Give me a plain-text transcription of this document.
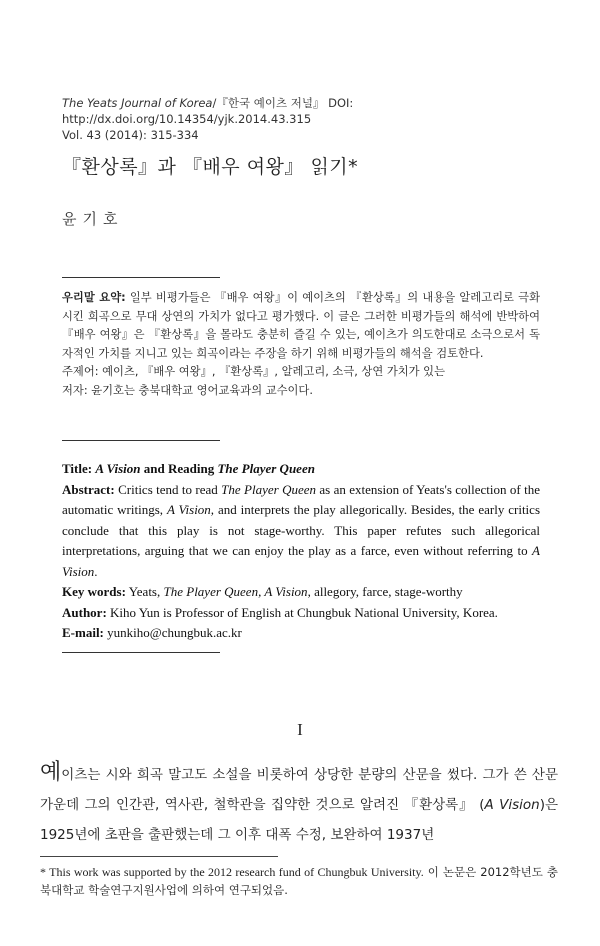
The Yeats Journal of Korea/『한국 예이츠 저널』 DOI: http://dx.doi.org/10.14354/yjk.2014.43.315
Vol. 43 (2014): 315-334
『환상록』과 『배우 여왕』 읽기*
윤기호

우리말 요약: 일부 비평가들은 『배우 여왕』이 예이츠의 『환상록』의 내용을 알레고리로 극화시킨 희곡으로 무대 상연의 가치가 없다고 평가했다. 이 글은 그러한 비평가들의 해석에 반박하여 『배우 여왕』은 『환상록』을 몰라도 충분히 즐길 수 있는, 예이츠가 의도한대로 소극으로서 독자적인 가치를 지니고 있는 희곡이라는 주장을 하기 위해 비평가들의 해석을 검토한다.

주제어: 예이츠, 『배우 여왕』, 『환상록』, 알레고리, 소극, 상연 가치가 있는

저자: 윤기호는 충북대학교 영어교육과의 교수이다.

Title: A Vision and Reading The Player Queen

Abstract: Critics tend to read The Player Queen as an extension of Yeats's collection of the automatic writings, A Vision, and interprets the play allegorically. Besides, the early critics conclude that this play is not stage-worthy. This paper refutes such allegorical interpretations, arguing that we can enjoy the play as a farce, even without referring to A Vision.

Key words: Yeats, The Player Queen, A Vision, allegory, farce, stage-worthy

Author: Kiho Yun is Professor of English at Chungbuk National University, Korea.

E-mail: yunkiho@chungbuk.ac.kr

I

예이츠는 시와 희곡 말고도 소설을 비롯하여 상당한 분량의 산문을 썼다. 그가 쓴 산문 가운데 그의 인간관, 역사관, 철학관을 집약한 것으로 알려진 『환상록』 (A Vision)은 1925년에 초판을 출판했는데 그 이후 대폭 수정, 보완하여 1937년

* This work was supported by the 2012 research fund of Chungbuk University. 이 논문은 2012학년도 충북대학교 학술연구지원사업에 의하여 연구되었음.
